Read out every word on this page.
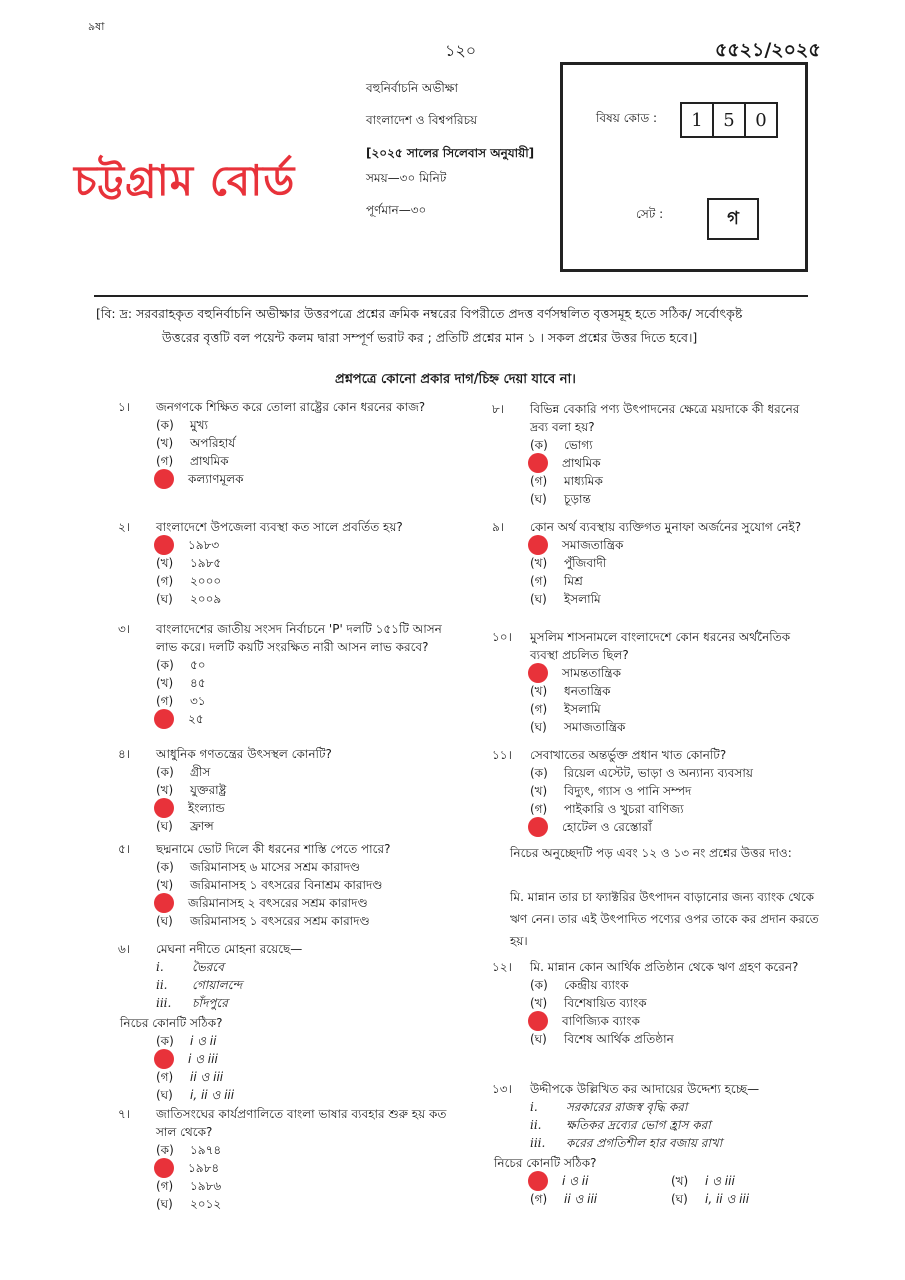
৯ষা
১২০	৫৫২১/২০২৫
বহুনির্বাচনি অভীক্ষা
বাংলাদেশ ও বিশ্বপরিচয়
[২০২৫ সালের সিলেবাস অনুযায়ী]
সময়—৩০ মিনিট
পূর্ণমান—৩০
চট্টগ্রাম বোর্ড
বিষয় কোড :	1	5	0
সেট :	গ
[বি: দ্র: সরবরাহকৃত বহুনির্বাচনি অভীক্ষার উত্তরপত্রে প্রশ্নের ক্রমিক নম্বরের বিপরীতে প্রদত্ত বর্ণসম্বলিত বৃত্তসমূহ হতে সঠিক/ সর্বোৎকৃষ্ট
উত্তরের বৃত্তটি বল পয়েন্ট কলম দ্বারা সম্পূর্ণ ভরাট কর ; প্রতিটি প্রশ্নের মান ১ । সকল প্রশ্নের উত্তর দিতে হবে।]
প্রশ্নপত্রে কোনো প্রকার দাগ/চিহ্ন দেয়া যাবে না।
নিচের অনুচ্ছেদটি পড় এবং ১২ ও ১৩ নং প্রশ্নের উত্তর দাও:
মি. মান্নান তার চা ফ্যাক্টরির উৎপাদন বাড়ানোর জন্য ব্যাংক থেকে ঋণ নেন। তার এই উৎপাদিত পণ্যের ওপর তাকে কর প্রদান করতে হয়।
১। জনগণকে শিক্ষিত করে তোলা রাষ্ট্রের কোন ধরনের কাজ?
(ক)	মুখ্য
(খ)	অপরিহার্য
(গ)	প্রাথমিক
কল্যাণমূলক
২। বাংলাদেশে উপজেলা ব্যবস্থা কত সালে প্রবর্তিত হয়?
১৯৮৩
(খ)	১৯৮৫
(গ)	২০০০
(ঘ)	২০০৯
৩। বাংলাদেশের জাতীয় সংসদ নির্বাচনে 'P' দলটি ১৫১টি আসন লাভ করে। দলটি কয়টি সংরক্ষিত নারী আসন লাভ করবে?
(ক)	৫০
(খ)	৪৫
(গ)	৩১
২৫
৪। আধুনিক গণতন্ত্রের উৎসস্থল কোনটি?
(ক)	গ্রীস
(খ)	যুক্তরাষ্ট্র
ইংল্যান্ড
(ঘ)	ফ্রান্স
৫। ছদ্মনামে ভোট দিলে কী ধরনের শাস্তি পেতে পারে?
(ক)	জরিমানাসহ ৬ মাসের সশ্রম কারাদণ্ড
(খ)	জরিমানাসহ ১ বৎসরের বিনাশ্রম কারাদণ্ড
জরিমানাসহ ২ বৎসরের সশ্রম কারাদণ্ড
(ঘ)	জরিমানাসহ ১ বৎসরের সশ্রম কারাদণ্ড
৬। মেঘনা নদীতে মোহনা রয়েছে—
i.	ভৈরবে
ii.	গোয়ালন্দে
iii.	চাঁদপুরে
নিচের কোনটি সঠিক?
(ক)	i ও ii
i ও iii
(গ)	ii ও iii
(ঘ)	i, ii ও iii
৭। জাতিসংঘের কার্যপ্রণালিতে বাংলা ভাষার ব্যবহার শুরু হয় কত সাল থেকে?
(ক)	১৯৭৪
১৯৮৪
(গ)	১৯৮৬
(ঘ)	২০১২
৮। বিভিন্ন বেকারি পণ্য উৎপাদনের ক্ষেত্রে ময়দাকে কী ধরনের দ্রব্য বলা হয়?
(ক)	ভোগ্য
প্রাথমিক
(গ)	মাধ্যমিক
(ঘ)	চূড়ান্ত
৯। কোন অর্থ ব্যবস্থায় ব্যক্তিগত মুনাফা অর্জনের সুযোগ নেই?
সমাজতান্ত্রিক
(খ)	পুঁজিবাদী
(গ)	মিশ্র
(ঘ)	ইসলামি
১০। মুসলিম শাসনামলে বাংলাদেশে কোন ধরনের অর্থনৈতিক ব্যবস্থা প্রচলিত ছিল?
সামন্ততান্ত্রিক
(খ)	ধনতান্ত্রিক
(গ)	ইসলামি
(ঘ)	সমাজতান্ত্রিক
১১। সেবাখাতের অন্তর্ভুক্ত প্রধান খাত কোনটি?
(ক)	রিয়েল এস্টেট, ভাড়া ও অন্যান্য ব্যবসায়
(খ)	বিদ্যুৎ, গ্যাস ও পানি সম্পদ
(গ)	পাইকারি ও খুচরা বাণিজ্য
হোটেল ও রেস্তোরাঁ
১২। মি. মান্নান কোন আর্থিক প্রতিষ্ঠান থেকে ঋণ গ্রহণ করেন?
(ক)	কেন্দ্রীয় ব্যাংক
(খ)	বিশেষায়িত ব্যাংক
বাণিজ্যিক ব্যাংক
(ঘ)	বিশেষ আর্থিক প্রতিষ্ঠান
১৩। উদ্দীপকে উল্লিখিত কর আদায়ের উদ্দেশ্য হচ্ছে—
i.	সরকারের রাজস্ব বৃদ্ধি করা
ii.	ক্ষতিকর দ্রব্যের ভোগ হ্রাস করা
iii.	করের প্রগতিশীল হার বজায় রাখা
নিচের কোনটি সঠিক?
i ও ii	(খ)	i ও iii
(গ)	ii ও iii	(ঘ)	i, ii ও iii
